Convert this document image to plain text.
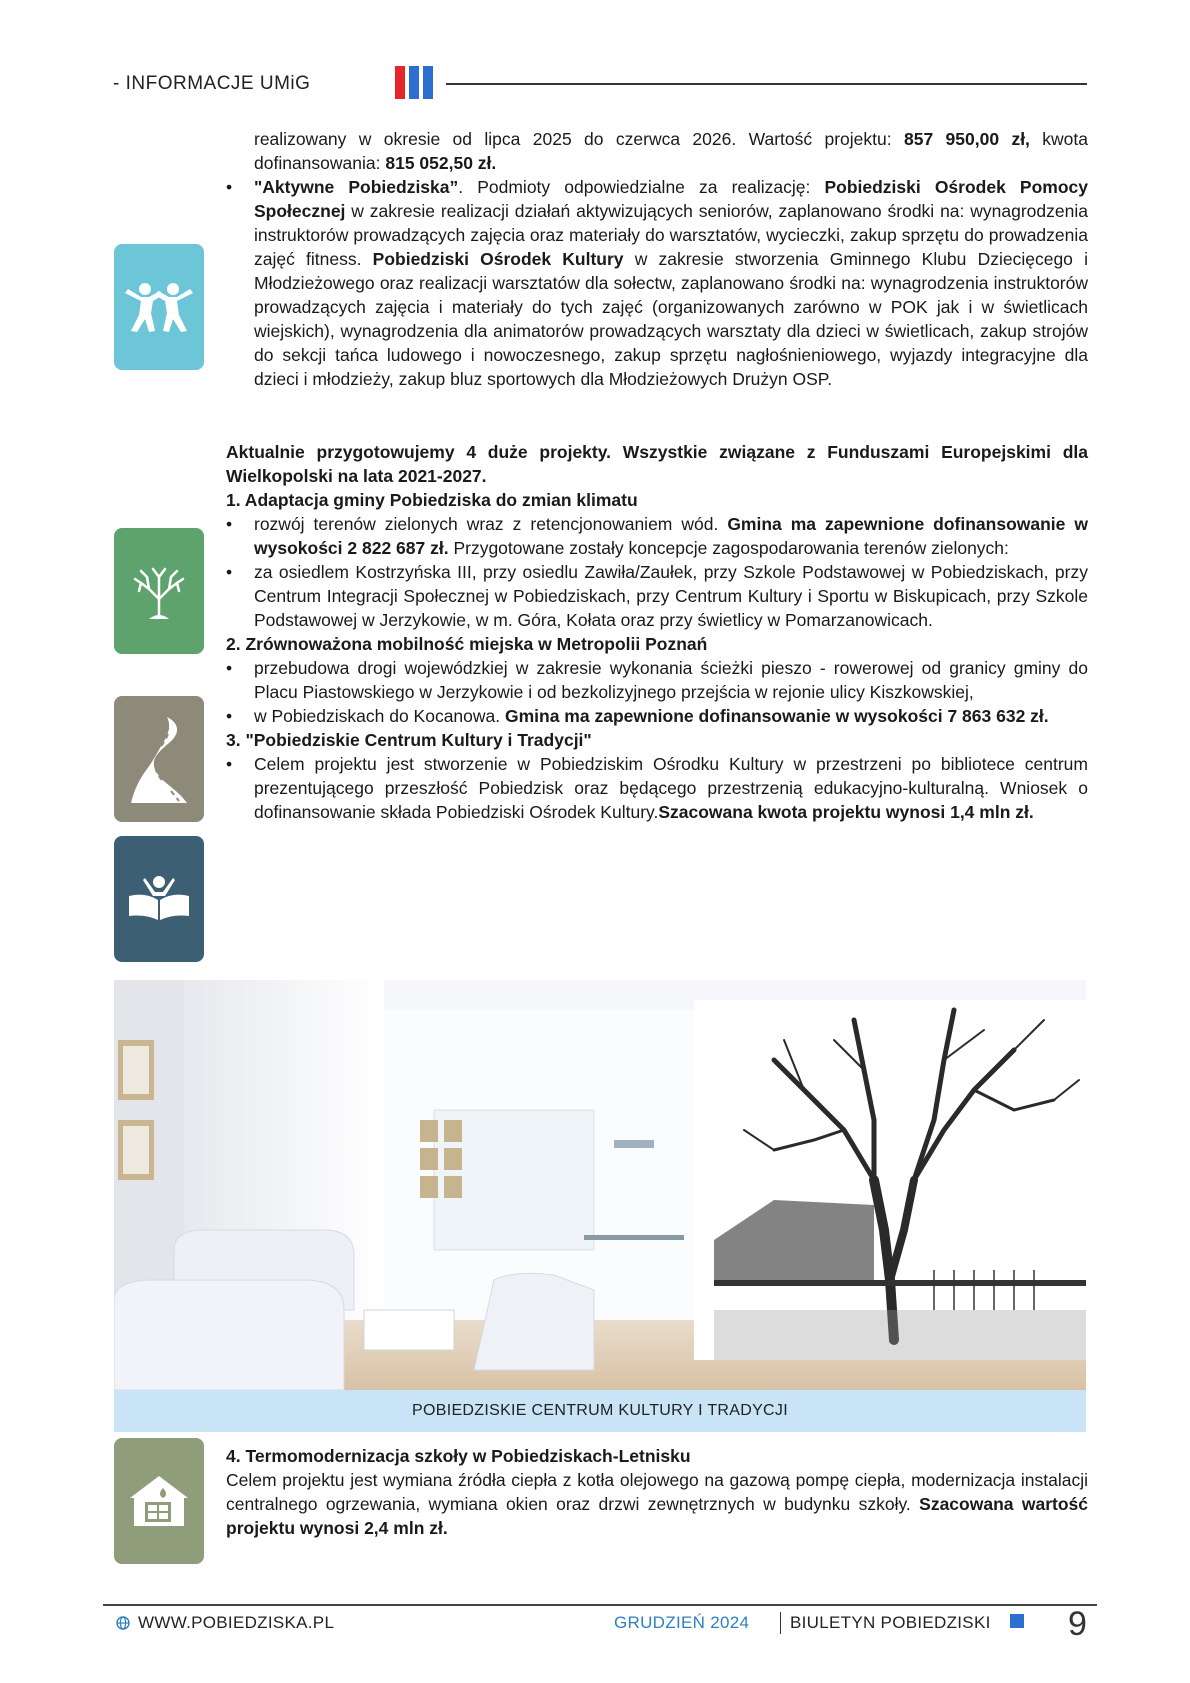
- INFORMACJE UMiG

realizowany w okresie od lipca 2025 do czerwca 2026. Wartość projektu: 857 950,00 zł, kwota dofinansowania: 815 052,50 zł.

• "Aktywne Pobiedziska”. Podmioty odpowiedzialne za realizację: Pobiedziski Ośrodek Pomocy Społecznej w zakresie realizacji działań aktywizujących seniorów, zaplanowano środki na: wynagrodzenia instruktorów prowadzących zajęcia oraz materiały do warsztatów, wycieczki, zakup sprzętu do prowadzenia zajęć fitness. Pobiedziski Ośrodek Kultury w zakresie stworzenia Gminnego Klubu Dziecięcego i Młodzieżowego oraz realizacji warsztatów dla sołectw, zaplanowano środki na: wynagrodzenia instruktorów prowadzących zajęcia i materiały do tych zajęć (organizowanych zarówno w POK jak i w świetlicach wiejskich), wynagrodzenia dla animatorów prowadzących warsztaty dla dzieci w świetlicach, zakup strojów do sekcji tańca ludowego i nowoczesnego, zakup sprzętu nagłośnieniowego, wyjazdy integracyjne dla dzieci i młodzieży, zakup bluz sportowych dla Młodzieżowych Drużyn OSP.

Aktualnie przygotowujemy 4 duże projekty. Wszystkie związane z Funduszami Europejskimi dla Wielkopolski na lata 2021-2027.

1. Adaptacja gminy Pobiedziska do zmian klimatu

• rozwój terenów zielonych wraz z retencjonowaniem wód. Gmina ma zapewnione dofinansowanie w wysokości 2 822 687 zł. Przygotowane zostały koncepcje zagospodarowania terenów zielonych:
• za osiedlem Kostrzyńska III, przy osiedlu Zawiła/Zaułek, przy Szkole Podstawowej w Pobiedziskach, przy Centrum Integracji Społecznej w Pobiedziskach, przy Centrum Kultury i Sportu w Biskupicach, przy Szkole Podstawowej w Jerzykowie, w m. Góra, Kołata oraz przy świetlicy w Pomarzanowicach.

2. Zrównoważona mobilność miejska w Metropolii Poznań

• przebudowa drogi wojewódzkiej w zakresie wykonania ścieżki pieszo - rowerowej od granicy gminy do Placu Piastowskiego w Jerzykowie i od bezkolizyjnego przejścia w rejonie ulicy Kiszkowskiej,
• w Pobiedziskach do Kocanowa. Gmina ma zapewnione dofinansowanie w wysokości 7 863 632 zł.

3. "Pobiedziskie Centrum Kultury i Tradycji"

• Celem projektu jest stworzenie w Pobiedziskim Ośrodku Kultury w przestrzeni po bibliotece centrum prezentującego przeszłość Pobiedzisk oraz będącego przestrzenią edukacyjno-kulturalną. Wniosek o dofinansowanie składa Pobiedziski Ośrodek Kultury.Szacowana kwota projektu wynosi 1,4 mln zł.
POBIEDZISKIE CENTRUM KULTURY I TRADYCJI

4. Termomodernizacja szkoły w Pobiedziskach-Letnisku

Celem projektu jest wymiana źródła ciepła z kotła olejowego na gazową pompę ciepła, modernizacja instalacji centralnego ogrzewania, wymiana okien oraz drzwi zewnętrznych w budynku szkoły. Szacowana wartość projektu wynosi 2,4 mln zł.

WWW.POBIEDZISKA.PL	GRUDZIEŃ 2024 BIULETYN POBIEDZISKI 9
